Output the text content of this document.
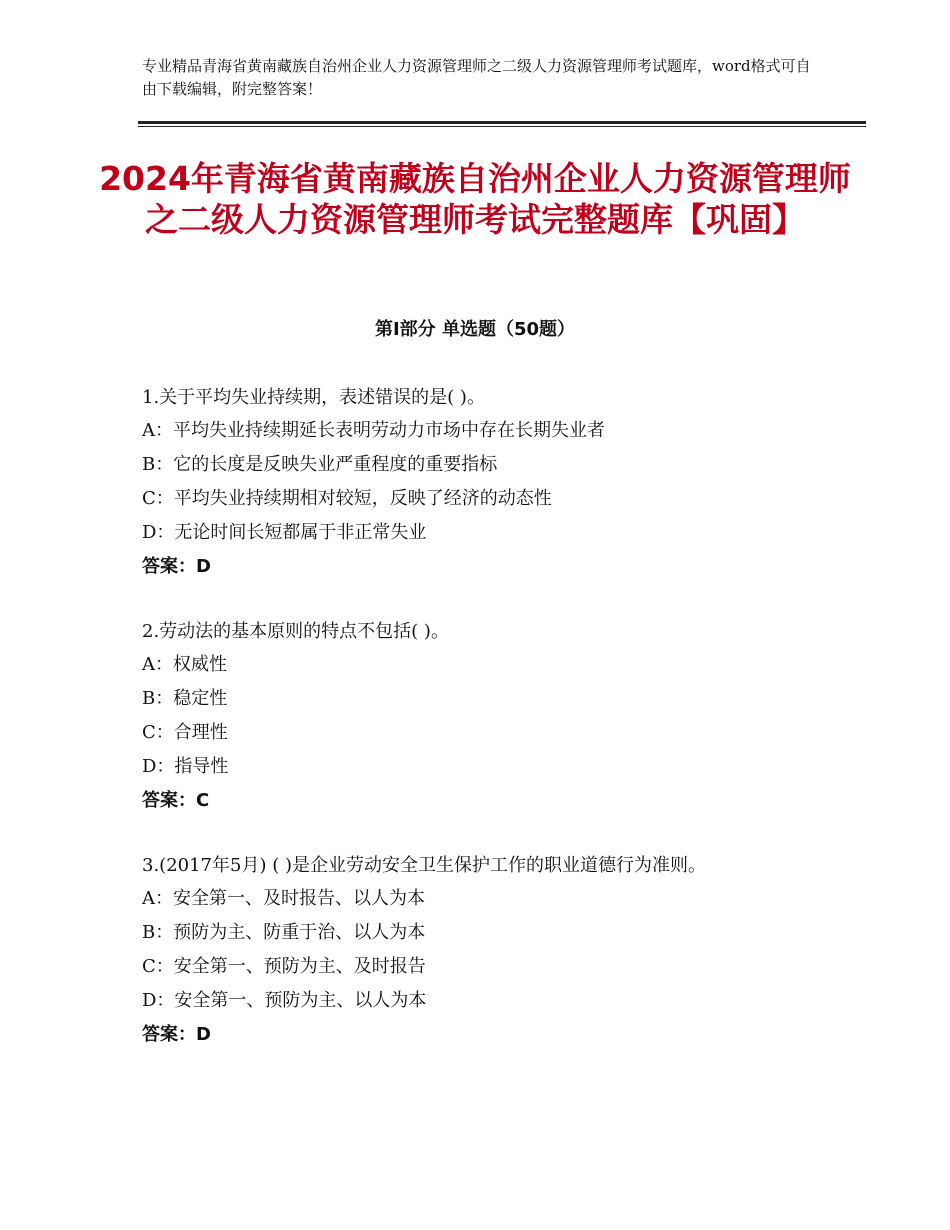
专业精品青海省黄南藏族自治州企业人力资源管理师之二级人力资源管理师考试题库，word格式可自由下载编辑，附完整答案！
2024年青海省黄南藏族自治州企业人力资源管理师之二级人力资源管理师考试完整题库【巩固】
第Ⅰ部分 单选题（50题）
1.关于平均失业持续期，表述错误的是( )。
A：平均失业持续期延长表明劳动力市场中存在长期失业者
B：它的长度是反映失业严重程度的重要指标
C：平均失业持续期相对较短，反映了经济的动态性
D：无论时间长短都属于非正常失业
答案：D
2.劳动法的基本原则的特点不包括( )。
A：权威性
B：稳定性
C：合理性
D：指导性
答案：C
3.(2017年5月) ( )是企业劳动安全卫生保护工作的职业道德行为准则。
A：安全第一、及时报告、以人为本
B：预防为主、防重于治、以人为本
C：安全第一、预防为主、及时报告
D：安全第一、预防为主、以人为本
答案：D
